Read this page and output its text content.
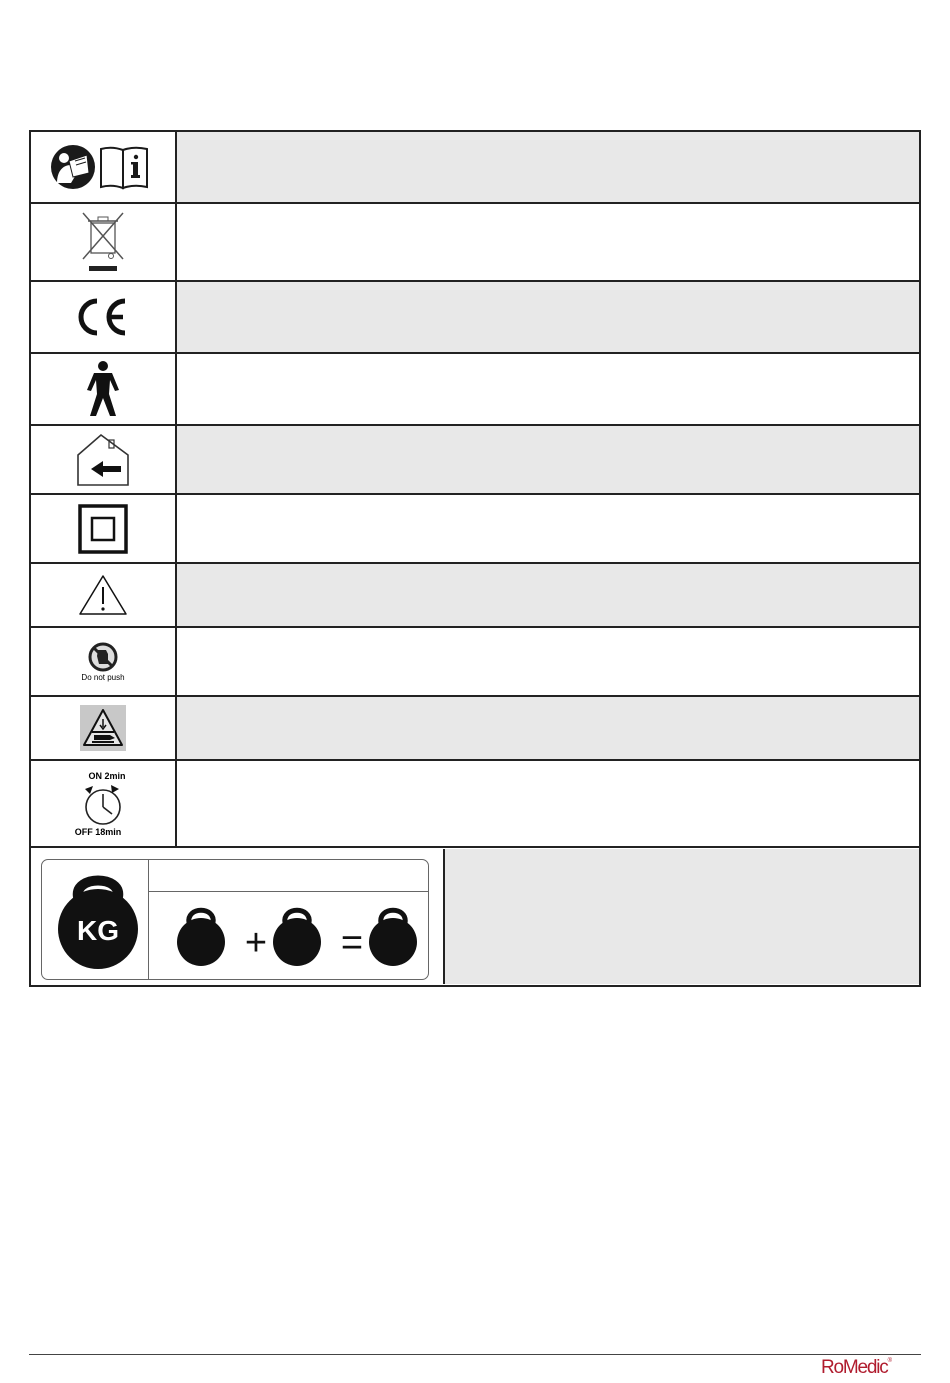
Do not push	

ON 2min
OFF 18min	

KG + =	
RoMedic®
